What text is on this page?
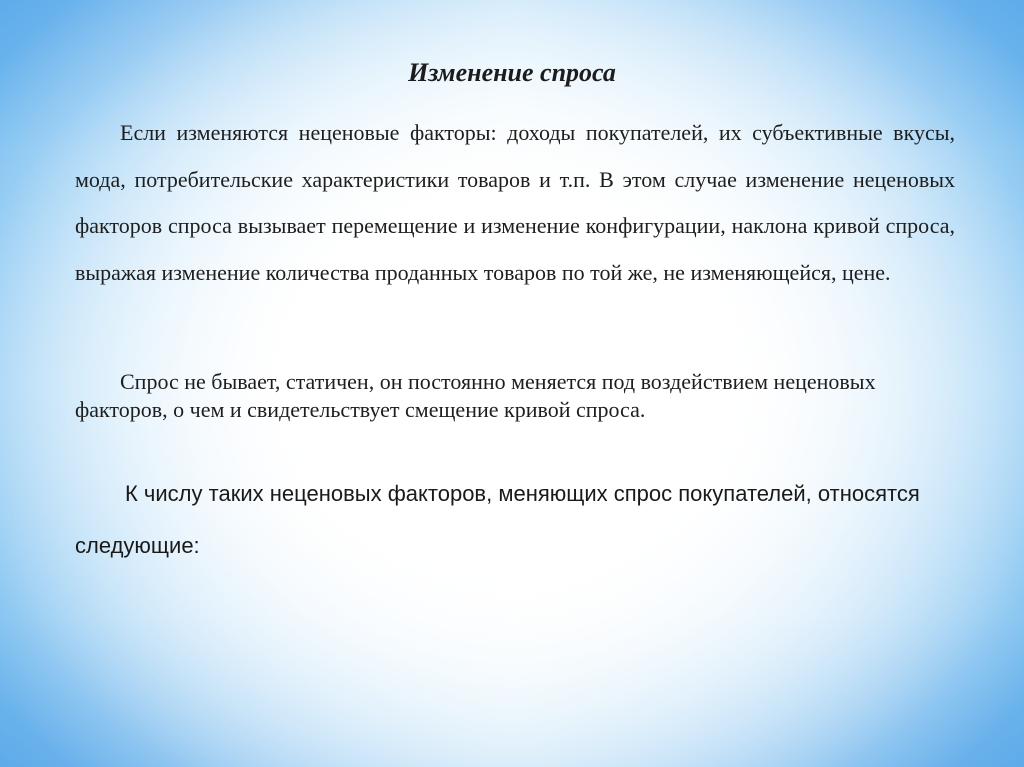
Изменение спроса

Если изменяются неценовые факторы: доходы покупателей, их субъективные вкусы, мода, потребительские характеристики товаров и т.п. В этом случае изменение неценовых факторов спроса вызывает перемещение и изменение конфигурации, наклона кривой спроса, выражая изменение количества проданных товаров по той же, не изменяющейся, цене.

Спрос не бывает, статичен, он постоянно меняется под воздействием неценовых факторов, о чем и свидетельствует смещение кривой спроса.

К числу таких неценовых факторов, меняющих спрос покупателей, относятся следующие:
